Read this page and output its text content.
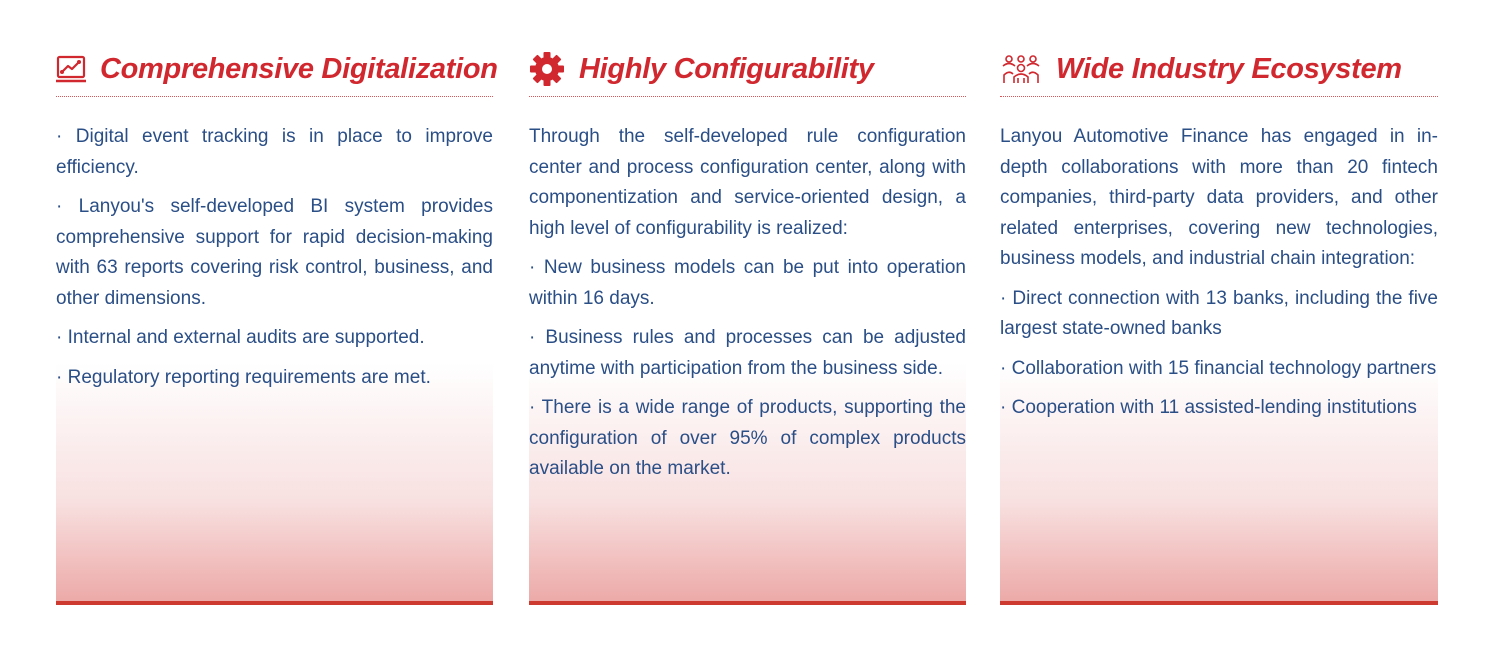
Comprehensive Digitalization

· Digital event tracking is in place to improve efficiency.

· Lanyou's self-developed BI system provides comprehensive support for rapid decision-making with 63 reports covering risk control, business, and other dimensions.

· Internal and external audits are supported.

· Regulatory reporting requirements are met.

Highly Configurability

Through the self-developed rule configuration center and process configuration center, along with componentization and service-oriented design, a high level of configurability is realized:

· New business models can be put into operation within 16 days.

· Business rules and processes can be adjusted anytime with participation from the business side.

· There is a wide range of products, supporting the configuration of over 95% of complex products available on the market.

Wide Industry Ecosystem

Lanyou Automotive Finance has engaged in in-depth collaborations with more than 20 fintech companies, third-party data providers, and other related enterprises, covering new technologies, business models, and industrial chain integration:

· Direct connection with 13 banks, including the five largest state-owned banks

· Collaboration with 15 financial technology partners

· Cooperation with 11 assisted-lending institutions
